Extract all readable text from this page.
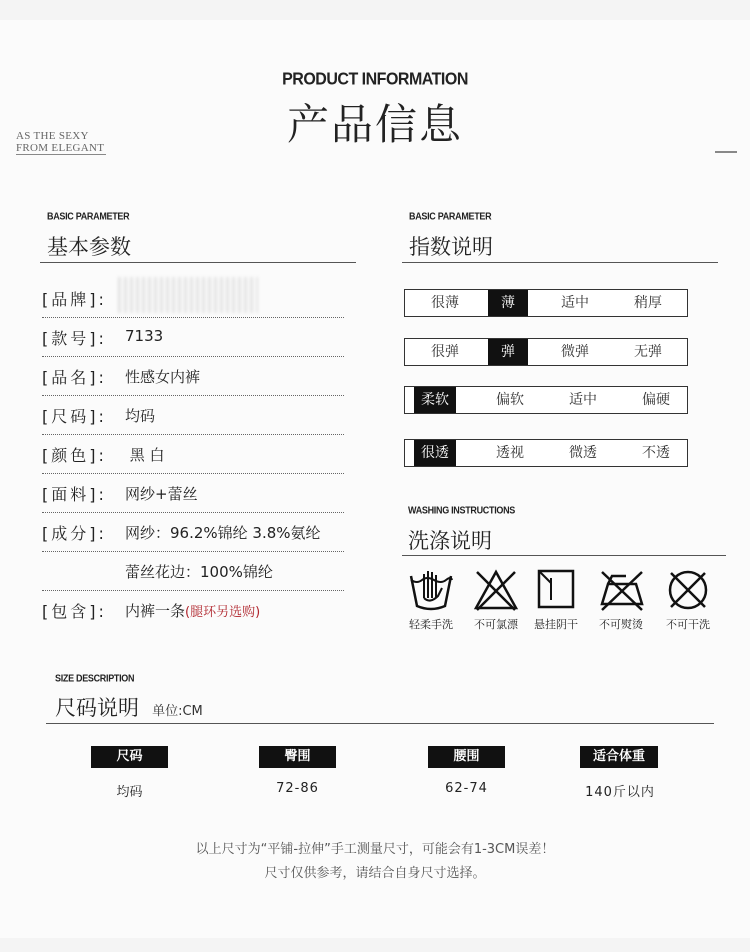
PRODUCT INFORMATION
产品信息
AS THE SEXY
FROM ELEGANT
BASIC PARAMETER
基本参数
[品牌]:
[款号]: 7133
[品名]: 性感女内裤
[尺码]: 均码
[颜色]: 黑 白
[面料]: 网纱+蕾丝
[成分]: 网纱：96.2%锦纶 3.8%氨纶
蕾丝花边：100%锦纶
[包含]: 内裤一条(腿环另选购)
BASIC PARAMETER
指数说明
很薄	薄	适中	稍厚
很弹	弹	微弹	无弹
柔软	偏软	适中	偏硬
很透	透视	微透	不透
WASHING INSTRUCTIONS
洗涤说明
轻柔手洗	不可氯漂	悬挂阴干	不可熨烫	不可干洗
SIZE DESCRIPTION
尺码说明 单位:CM
尺码	臀围	腰围	适合体重
均码	72-86	62-74	140斤以内
以上尺寸为“平铺-拉伸”手工测量尺寸，可能会有1-3CM误差！
尺寸仅供参考，请结合自身尺寸选择。
